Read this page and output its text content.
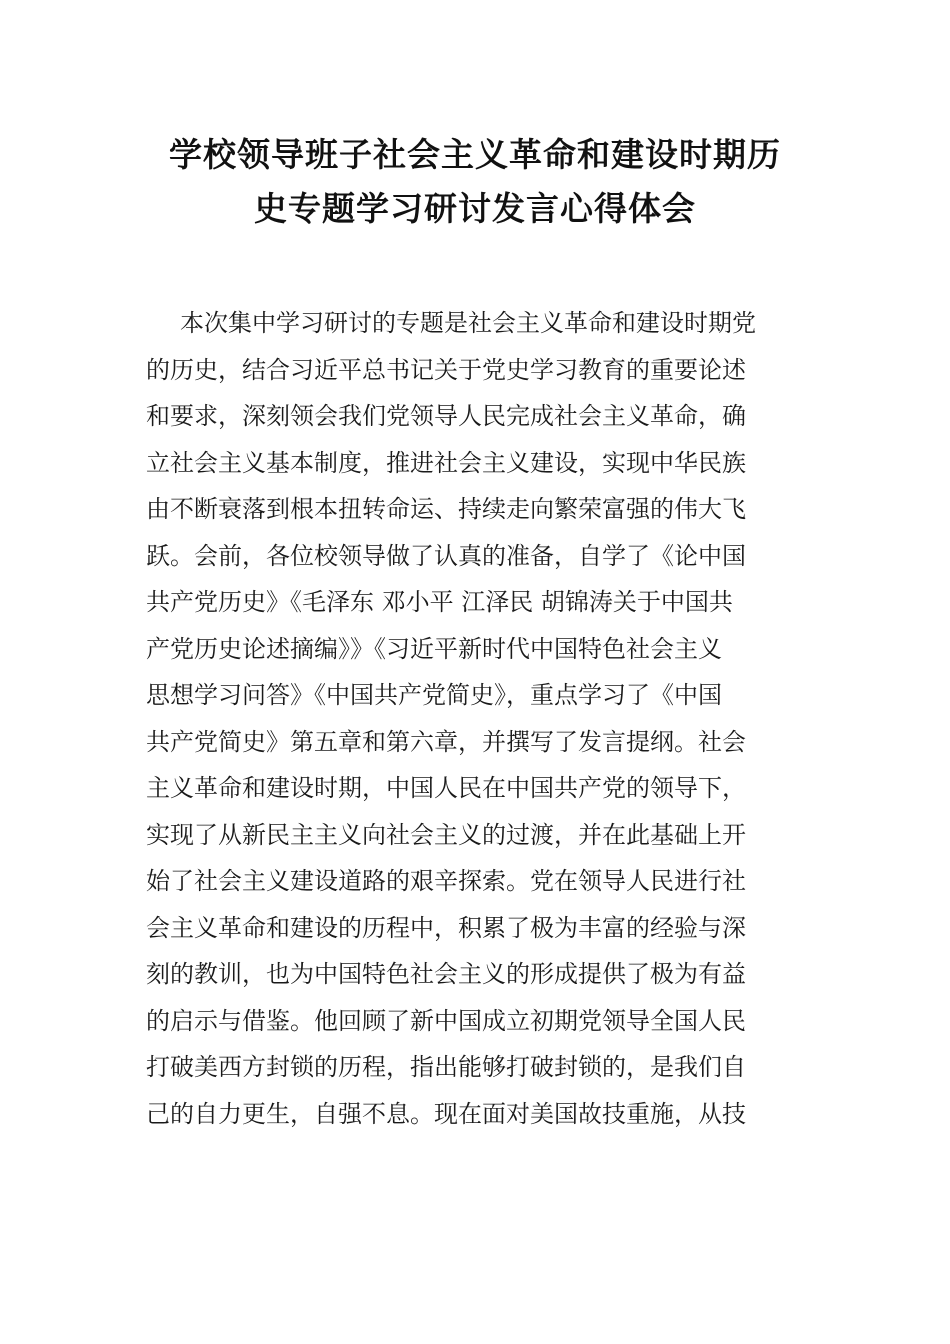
学校领导班子社会主义革命和建设时期历
史专题学习研讨发言心得体会
本次集中学习研讨的专题是社会主义革命和建设时期党
的历史，结合习近平总书记关于党史学习教育的重要论述
和要求，深刻领会我们党领导人民完成社会主义革命，确
立社会主义基本制度，推进社会主义建设，实现中华民族
由不断衰落到根本扭转命运、持续走向繁荣富强的伟大飞
跃。会前，各位校领导做了认真的准备，自学了《论中国
共产党历史》《毛泽东 邓小平 江泽民 胡锦涛关于中国共
产党历史论述摘编》》《习近平新时代中国特色社会主义
思想学习问答》《中国共产党简史》，重点学习了《中国
共产党简史》第五章和第六章，并撰写了发言提纲。社会
主义革命和建设时期，中国人民在中国共产党的领导下，
实现了从新民主主义向社会主义的过渡，并在此基础上开
始了社会主义建设道路的艰辛探索。党在领导人民进行社
会主义革命和建设的历程中，积累了极为丰富的经验与深
刻的教训，也为中国特色社会主义的形成提供了极为有益
的启示与借鉴。他回顾了新中国成立初期党领导全国人民
打破美西方封锁的历程，指出能够打破封锁的，是我们自
己的自力更生，自强不息。现在面对美国故技重施，从技
